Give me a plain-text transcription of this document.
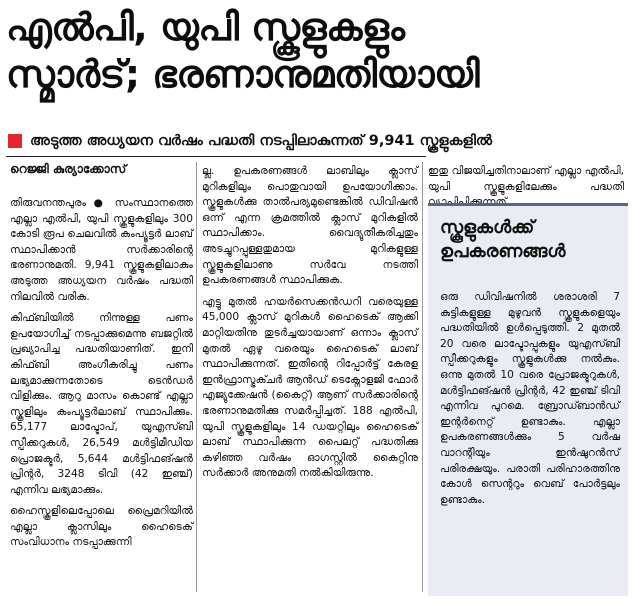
എൽപി, യുപി സ്കൂളുകളും
സ്മാർട്; ഭരണാനുമതിയായി
അടുത്ത അധ്യയന വർഷം പദ്ധതി നടപ്പിലാകുന്നത് 9,941 സ്കൂളുകളിൽ
റെജ്ജി കുര്യാക്കോസ്

തിരുവനന്തപുരം ● സംസ്ഥാനത്തെ എല്ലാ എൽപി, യുപി സ്കൂളുകളിലും 300 കോടി രൂപ ചെലവിൽ കംപ്യൂട്ടർ ലാബ് സ്ഥാപിക്കാൻ സർക്കാരിന്റെ ഭരണാനുമതി. 9,941 സ്കൂളുകളിലാകും അടുത്ത അധ്യയന വർഷം പദ്ധതി നിലവിൽ വരിക.

കിഫ്ബിയിൽ നിന്നുള്ള പണം ഉപയോഗിച്ച് നടപ്പാക്കുമെന്നു ബജറ്റിൽ പ്രഖ്യാപിച്ച പദ്ധതിയാണിത്. ഇനി കിഫ്ബി അംഗീകരിച്ചു പണം ലഭ്യമാക്കുന്നതോടെ ടെൻഡർ വിളിക്കും. ആറു മാസം കൊണ്ട് എല്ലാ സ്കൂളിലും കംപ്യൂട്ടർലാബ് സ്ഥാപിക്കും. 65,177 ലാപ്ടോപ്, യുഎസ്ബി സ്പീക്കറുകൾ, 26,549 മൾട്ടിമീഡിയ പ്രൊജക്ടർ, 5,644 മൾട്ടിഫങ്ഷൻ പ്രിന്റർ, 3248 ടിവി (42 ഇഞ്ച്) എന്നിവ ലഭ്യമാക്കും.

ഹൈസ്കൂളിലെപ്പോലെ പ്രൈമറിയിൽ എല്ലാ ക്ലാസിലും ഹൈടെക് സംവിധാനം നടപ്പാക്കുന്നി

ല്ല. ഉപകരണങ്ങൾ ലാബിലും ക്ലാസ് മുറികളിലും പൊതുവായി ഉപയോഗിക്കാം. സ്കൂളുകൾക്കു താൽപര്യമുണ്ടെങ്കിൽ ഡിവിഷൻ ഒന്ന് എന്ന ക്രമത്തിൽ ക്ലാസ് മുറികളിൽ സ്ഥാപിക്കാം. വൈദ്യുതീകരിച്ചതും അടച്ചുറപ്പുള്ളതുമായ മുറികളുള്ള സ്കൂളുകളിലാണു സർവേ നടത്തി ഉപകരണങ്ങൾ സ്ഥാപിക്കുക.

എട്ടു മുതൽ ഹയർസെക്കൻഡറി വരെയുള്ള 45,000 ക്ലാസ് മുറികൾ ഹൈടെക് ആക്കി മാറ്റിയതിനു തുടർച്ചയായാണ് ഒന്നാം ക്ലാസ് മുതൽ ഏഴു വരെയും ഹൈടെക് ലാബ് സ്ഥാപിക്കുന്നത്. ഇതിന്റെ റിപ്പോർട്ട് കേരള ഇൻഫ്രാസ്ട്രക്ചർ ആൻഡ് ടെക്നോളജി ഫോർ എജ്യുക്കേഷൻ (കൈറ്റ്) ആണ് സർക്കാരിന്റെ ഭരണാനുമതിക്കു സമർപ്പിച്ചത്. 188 എൽപി, യുപി സ്കൂളുകളിലും 14 ഡയറ്റിലും ഹൈടെക് ലാബ് സ്ഥാപിക്കുന്ന പൈലറ്റ് പദ്ധതിക്കു കഴിഞ്ഞ വർഷം ഓഗസ്റ്റിൽ കൈറ്റിനു സർക്കാർ അനുമതി നൽകിയിരുന്നു.

ഇതു വിജയിച്ചതിനാലാണ് എല്ലാ എൽപി, യുപി സ്കൂളുകളിലേക്കും പദ്ധതി

സ്കൂളുകൾക്ക് ഉപകരണങ്ങൾ

ഒരു ഡിവിഷനിൽ ശരാശരി 7 കുട്ടികളുള്ള മുഴുവൻ സ്കൂളുകളെയും പദ്ധതിയിൽ ഉൾപ്പെടുത്തി. 2 മുതൽ 20 വരെ ലാപ്ടോപ്പുകളും യുഎസ്ബി സ്പീക്കറുകളും സ്കൂളുകൾക്കു നൽകും. ഒന്നു മുതൽ 10 വരെ പ്രോജക്ടറുകൾ, മൾട്ടിഫങ്ഷൻ പ്രിന്റർ, 42 ഇഞ്ച് ടിവി എന്നിവ പുറമെ. ബ്രോഡ്ബാൻഡ് ഇന്റർനെറ്റ് ഉണ്ടാകും. എല്ലാ ഉപകരണങ്ങൾക്കും 5 വർഷ വാറന്റിയും ഇൻഷുറൻസ് പരിരക്ഷയും. പരാതി പരിഹാരത്തിനു കോൾ സെന്ററും വെബ് പോർട്ടലും ഉണ്ടാകും.
